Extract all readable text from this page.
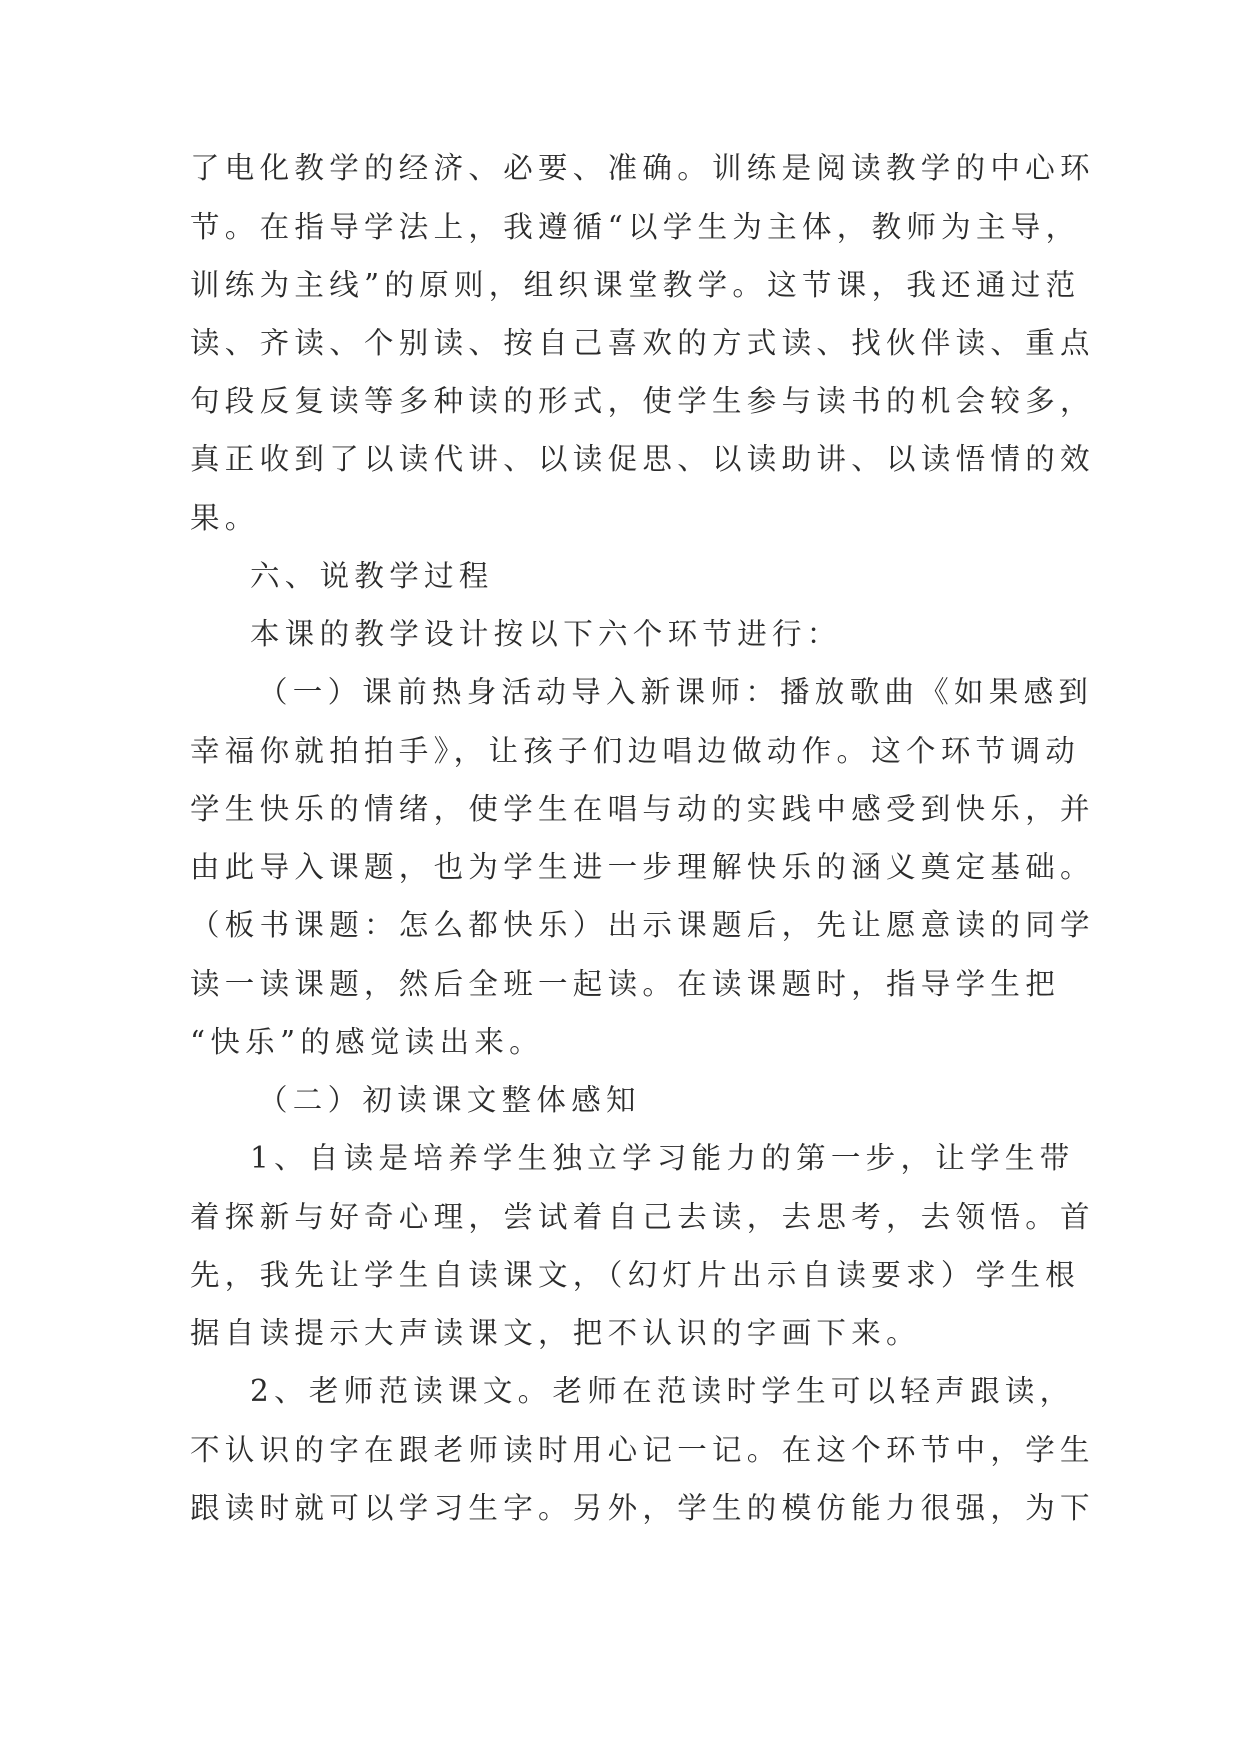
了电化教学的经济、必要、准确。训练是阅读教学的中心环
节。在指导学法上，我遵循“以学生为主体，教师为主导，
训练为主线”的原则，组织课堂教学。这节课，我还通过范
读、齐读、个别读、按自己喜欢的方式读、找伙伴读、重点
句段反复读等多种读的形式，使学生参与读书的机会较多，
真正收到了以读代讲、以读促思、以读助讲、以读悟情的效
果。
六、说教学过程
本课的教学设计按以下六个环节进行：
（一）课前热身活动导入新课师：播放歌曲《如果感到
幸福你就拍拍手》，让孩子们边唱边做动作。这个环节调动
学生快乐的情绪，使学生在唱与动的实践中感受到快乐，并
由此导入课题，也为学生进一步理解快乐的涵义奠定基础。
（板书课题：怎么都快乐）出示课题后，先让愿意读的同学
读一读课题，然后全班一起读。在读课题时，指导学生把
“快乐”的感觉读出来。
（二）初读课文整体感知
1、自读是培养学生独立学习能力的第一步，让学生带
着探新与好奇心理，尝试着自己去读，去思考，去领悟。首
先，我先让学生自读课文，（幻灯片出示自读要求）学生根
据自读提示大声读课文，把不认识的字画下来。
2、老师范读课文。老师在范读时学生可以轻声跟读，
不认识的字在跟老师读时用心记一记。在这个环节中，学生
跟读时就可以学习生字。另外，学生的模仿能力很强，为下
